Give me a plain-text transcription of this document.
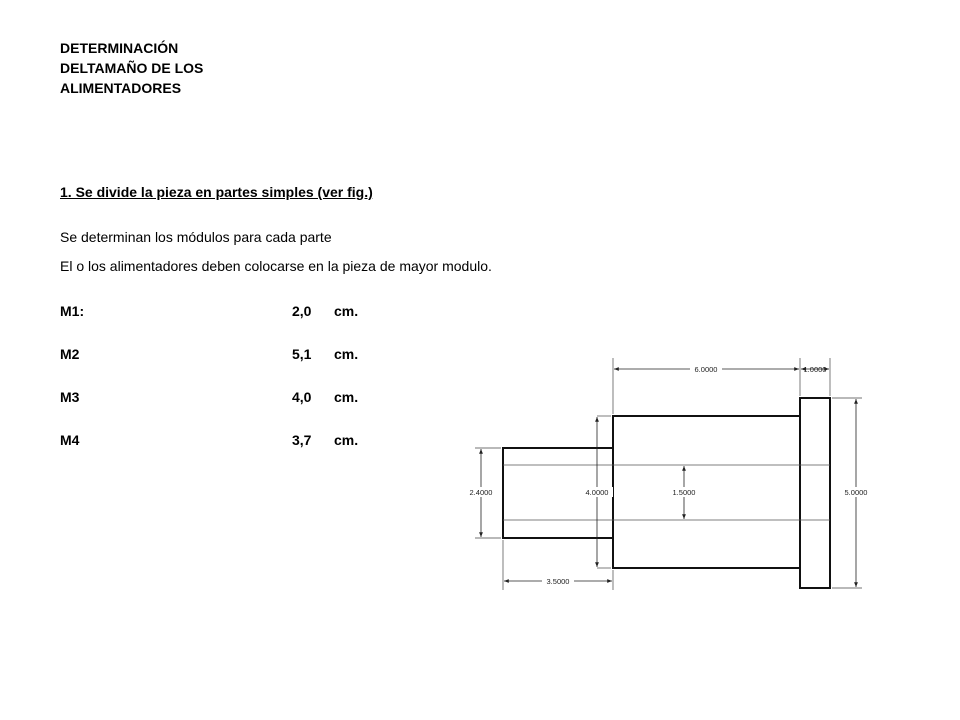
DETERMINACIÓN
DELTAMAÑO DE LOS
ALIMENTADORES
1. Se divide la pieza en partes simples (ver fig.)
Se determinan los módulos para cada parte
El o los alimentadores deben colocarse en la pieza de mayor modulo.
M1:	2,0 cm.
M2	5,1 cm.
M3	4,0 cm.
M4	3,7 cm.
6.0000	1.0000
2.4000	4.0000	1.5000	5.0000
3.5000
